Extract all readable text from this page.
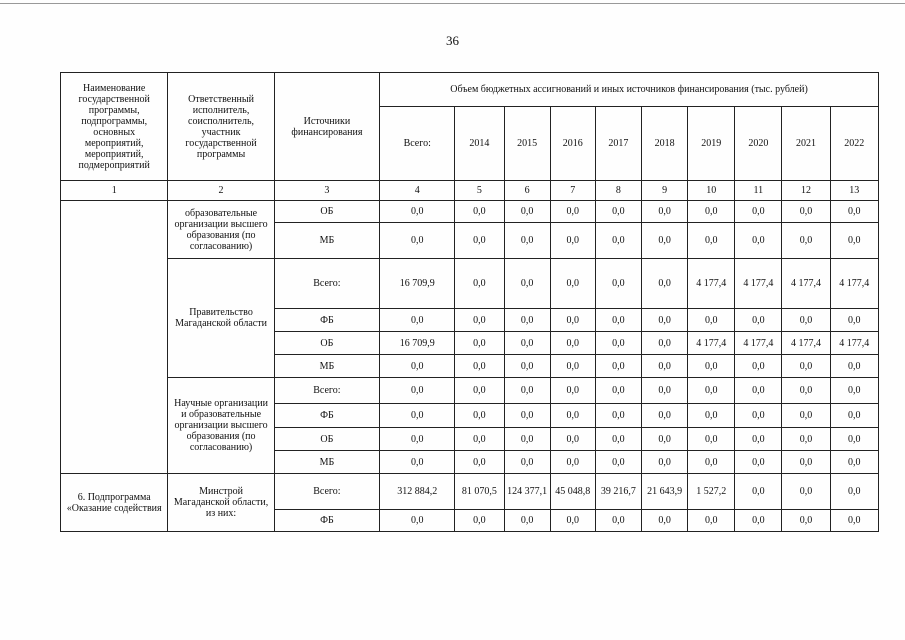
36
Наименование государственной программы, подпрограммы, основных мероприятий, мероприятий, подмероприятий	Ответственный исполнитель, соисполнитель, участник государственной программы	Источники финансирования	Объем бюджетных ассигнований и иных источников финансирования (тыс. рублей)									
			Всего:	2014	2015	2016	2017	2018	2019	2020	2021	2022
1	2	3	4	5	6	7	8	9	10	11	12	13
	образовательные организации высшего образования (по согласованию)	ОБ	0,0	0,0	0,0	0,0	0,0	0,0	0,0	0,0	0,0	0,0
		МБ	0,0	0,0	0,0	0,0	0,0	0,0	0,0	0,0	0,0	0,0
	Правительство Магаданской области	Всего:	16 709,9	0,0	0,0	0,0	0,0	0,0	4 177,4	4 177,4	4 177,4	4 177,4
		ФБ	0,0	0,0	0,0	0,0	0,0	0,0	0,0	0,0	0,0	0,0
		ОБ	16 709,9	0,0	0,0	0,0	0,0	0,0	4 177,4	4 177,4	4 177,4	4 177,4
		МБ	0,0	0,0	0,0	0,0	0,0	0,0	0,0	0,0	0,0	0,0
	Научные организации и образовательные организации высшего образования (по согласованию)	Всего:	0,0	0,0	0,0	0,0	0,0	0,0	0,0	0,0	0,0	0,0
		ФБ	0,0	0,0	0,0	0,0	0,0	0,0	0,0	0,0	0,0	0,0
		ОБ	0,0	0,0	0,0	0,0	0,0	0,0	0,0	0,0	0,0	0,0
		МБ	0,0	0,0	0,0	0,0	0,0	0,0	0,0	0,0	0,0	0,0
6. Подпрограмма «Оказание содействия	Минстрой Магаданской области, из них:	Всего:	312 884,2	81 070,5	124 377,1	45 048,8	39 216,7	21 643,9	1 527,2	0,0	0,0	0,0
		ФБ	0,0	0,0	0,0	0,0	0,0	0,0	0,0	0,0	0,0	0,0
